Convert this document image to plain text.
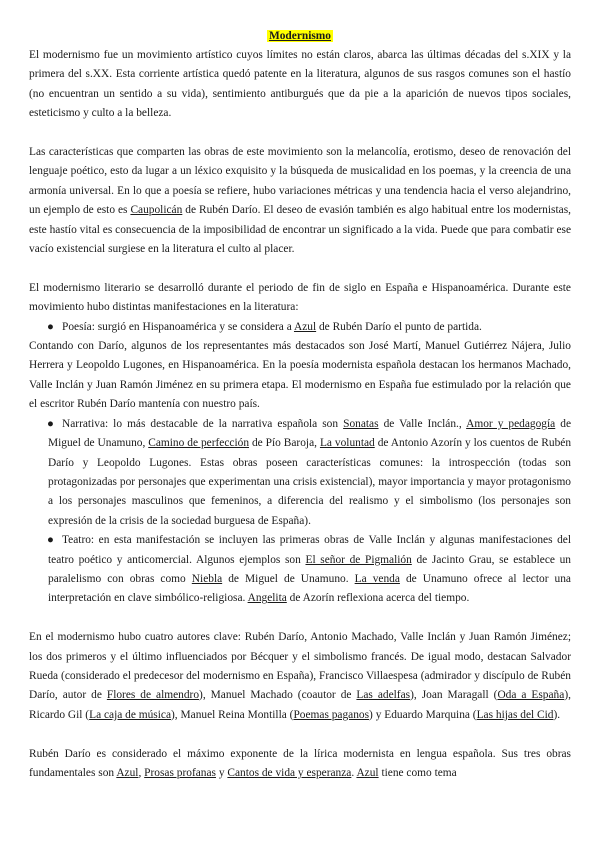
Modernismo

El modernismo fue un movimiento artístico cuyos límites no están claros, abarca las últimas décadas del s.XIX y la primera del s.XX. Esta corriente artística quedó patente en la literatura, algunos de sus rasgos comunes son el hastío (no encuentran un sentido a su vida), sentimiento antiburgués que da pie a la aparición de nuevos tipos sociales, esteticismo y culto a la belleza.

Las características que comparten las obras de este movimiento son la melancolía, erotismo, deseo de renovación del lenguaje poético, esto da lugar a un léxico exquisito y la búsqueda de musicalidad en los poemas, y la creencia de una armonía universal. En lo que a poesía se refiere, hubo variaciones métricas y una tendencia hacia el verso alejandrino, un ejemplo de esto es Caupolicán de Rubén Darío. El deseo de evasión también es algo habitual entre los modernistas, este hastío vital es consecuencia de la imposibilidad de encontrar un significado a la vida. Puede que para combatir ese vacío existencial surgiese en la literatura el culto al placer.

El modernismo literario se desarrolló durante el periodo de fin de siglo en España e Hispanoamérica. Durante este movimiento hubo distintas manifestaciones en la literatura:

● Poesía: surgió en Hispanoamérica y se considera a Azul de Rubén Darío el punto de partida.

Contando con Darío, algunos de los representantes más destacados son José Martí, Manuel Gutiérrez Nájera, Julio Herrera y Leopoldo Lugones, en Hispanoamérica. En la poesía modernista española destacan los hermanos Machado, Valle Inclán y Juan Ramón Jiménez en su primera etapa. El modernismo en España fue estimulado por la relación que el escritor Rubén Darío mantenía con nuestro país.

● Narrativa: lo más destacable de la narrativa española son Sonatas de Valle Inclán., Amor y pedagogía de Miguel de Unamuno, Camino de perfección de Pío Baroja, La voluntad de Antonio Azorín y los cuentos de Rubén Darío y Leopoldo Lugones. Estas obras poseen características comunes: la introspección (todas son protagonizadas por personajes que experimentan una crisis existencial), mayor importancia y mayor protagonismo a los personajes masculinos que femeninos, a diferencia del realismo y el simbolismo (los personajes son expresión de la crisis de la sociedad burguesa de España).

● Teatro: en esta manifestación se incluyen las primeras obras de Valle Inclán y algunas manifestaciones del teatro poético y anticomercial. Algunos ejemplos son El señor de Pigmalión de Jacinto Grau, se establece un paralelismo con obras como Niebla de Miguel de Unamuno. La venda de Unamuno ofrece al lector una interpretación en clave simbólico-religiosa. Angelita de Azorín reflexiona acerca del tiempo.

En el modernismo hubo cuatro autores clave: Rubén Darío, Antonio Machado, Valle Inclán y Juan Ramón Jiménez; los dos primeros y el último influenciados por Bécquer y el simbolismo francés. De igual modo, destacan Salvador Rueda (considerado el predecesor del modernismo en España), Francisco Villaespesa (admirador y discípulo de Rubén Darío, autor de Flores de almendro), Manuel Machado (coautor de Las adelfas), Joan Maragall (Oda a España), Ricardo Gil (La caja de música), Manuel Reina Montilla (Poemas paganos) y Eduardo Marquina (Las hijas del Cid).

Rubén Darío es considerado el máximo exponente de la lírica modernista en lengua española. Sus tres obras fundamentales son Azul, Prosas profanas y Cantos de vida y esperanza. Azul tiene como tema
